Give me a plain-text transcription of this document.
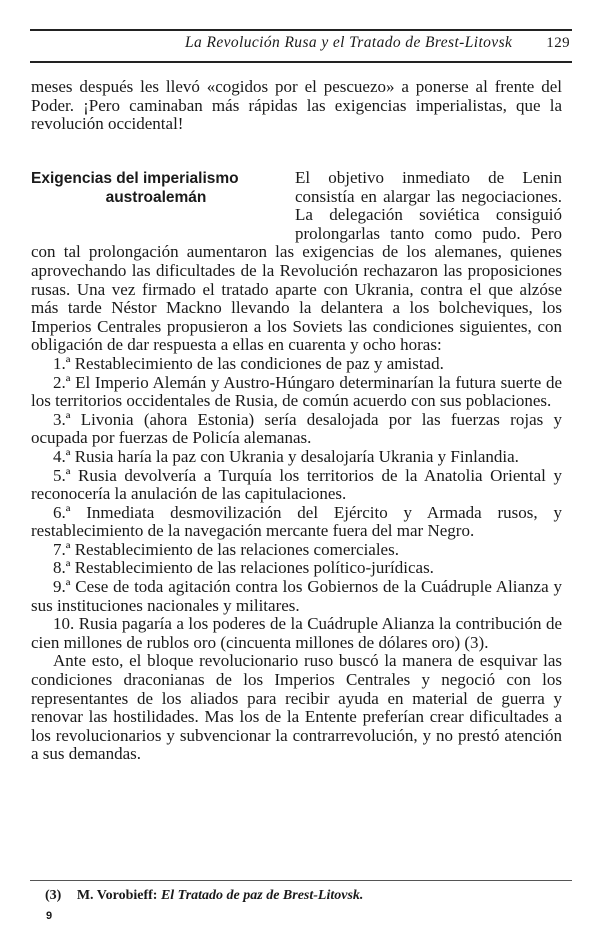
La Revolución Rusa y el Tratado de Brest-Litovsk 129

meses después les llevó «cogidos por el pescuezo» a ponerse al frente del Poder. ¡Pero caminaban más rápidas las exigencias imperialistas, que la revolución occidental!

Exigencias del imperialismo
austroalemán

El objetivo inmediato de Lenin consistía en alargar las negociaciones. La delegación soviética consiguió prolongarlas tanto como pudo. Pero con tal prolongación aumentaron las exigencias de los alemanes, quienes aprovechando las dificultades de la Revolución rechazaron las proposiciones rusas. Una vez firmado el tratado aparte con Ukrania, contra el que alzóse más tarde Néstor Mackno llevando la delantera a los bolcheviques, los Imperios Centrales propusieron a los Soviets las condiciones siguientes, con obligación de dar respuesta a ellas en cuarenta y ocho horas:

1.ª Restablecimiento de las condiciones de paz y amistad.

2.ª El Imperio Alemán y Austro-Húngaro determinarían la futura suerte de los territorios occidentales de Rusia, de común acuerdo con sus poblaciones.

3.ª Livonia (ahora Estonia) sería desalojada por las fuerzas rojas y ocupada por fuerzas de Policía alemanas.

4.ª Rusia haría la paz con Ukrania y desalojaría Ukrania y Finlandia.

5.ª Rusia devolvería a Turquía los territorios de la Anatolia Oriental y reconocería la anulación de las capitulaciones.

6.ª Inmediata desmovilización del Ejército y Armada rusos, y restablecimiento de la navegación mercante fuera del mar Negro.

7.ª Restablecimiento de las relaciones comerciales.

8.ª Restablecimiento de las relaciones político-jurídicas.

9.ª Cese de toda agitación contra los Gobiernos de la Cuádruple Alianza y sus instituciones nacionales y militares.

10. Rusia pagaría a los poderes de la Cuádruple Alianza la contribución de cien millones de rublos oro (cincuenta millones de dólares oro) (3).

Ante esto, el bloque revolucionario ruso buscó la manera de esquivar las condiciones draconianas de los Imperios Centrales y negoció con los representantes de los aliados para recibir ayuda en material de guerra y renovar las hostilidades. Mas los de la Entente preferían crear dificultades a los revolucionarios y subvencionar la contrarrevolución, y no prestó atención a sus demandas.

(3) M. Vorobieff: El Tratado de paz de Brest-Litovsk.
9
